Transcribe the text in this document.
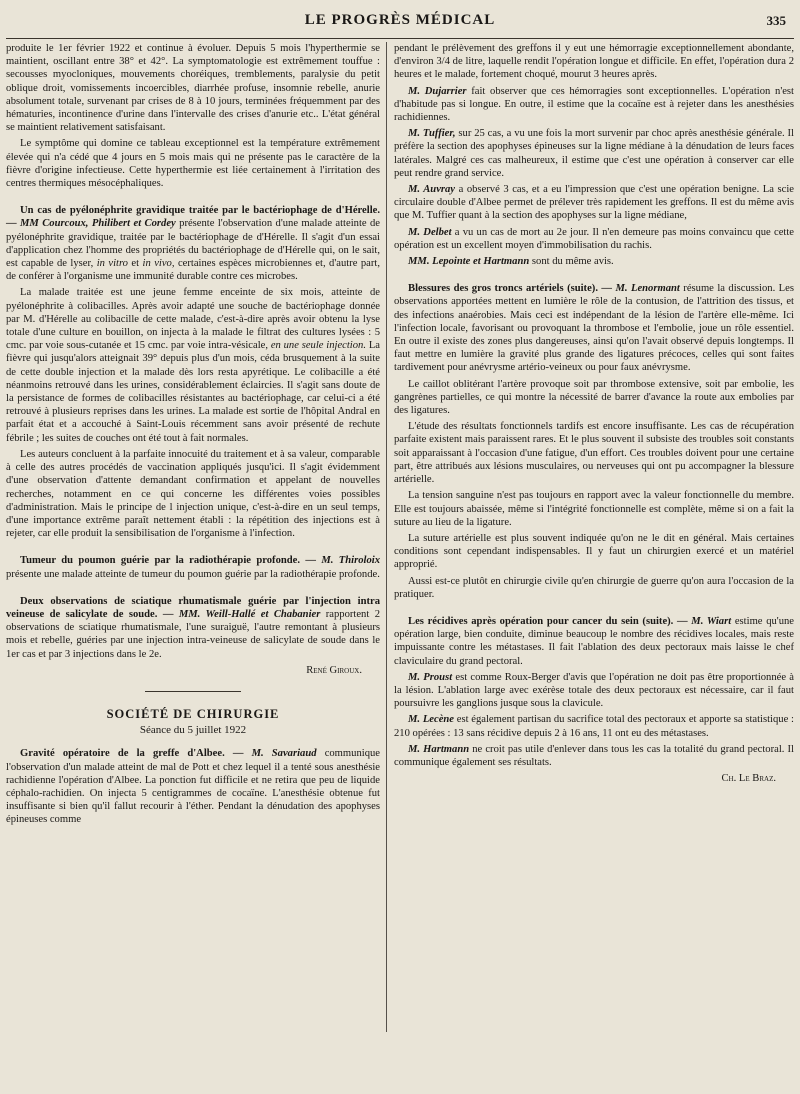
LE PROGRÈS MÉDICAL	335

produite le 1er février 1922 et continue à évoluer. Depuis 5 mois l'hyperthermie se maintient, oscillant entre 38° et 42°. La symptomatologie est extrêmement touffue : secousses myocloniques, mouvements choréiques, tremblements, paralysie du petit oblique droit, vomissements incoercibles, diarrhée profuse, insomnie rebelle, anurie absolument totale, survenant par crises de 8 à 10 jours, terminées fréquemment par des hématuries, incontinence d'urine dans l'intervalle des crises d'anurie etc.. L'état général se maintient relativement satisfaisant.

Le symptôme qui domine ce tableau exceptionnel est la température extrêmement élevée qui n'a cédé que 4 jours en 5 mois mais qui ne présente pas le caractère de la fièvre d'origine infectieuse. Cette hyperthermie est liée certainement à l'irritation des centres thermiques mésocéphaliques.

Un cas de pyélonéphrite gravidique traitée par le bactériophage de d'Hérelle. — MM Courcoux, Philibert et Cordey présente l'observation d'une malade atteinte de pyélonéphrite gravidique, traitée par le bactériophage de d'Hérelle. Il s'agit d'un essai d'application chez l'homme des propriétés du bactériophage de d'Hérelle qui, on le sait, est capable de lyser, in vitro et in vivo, certaines espèces microbiennes et, d'autre part, de conférer à l'organisme une immunité durable contre ces microbes.

La malade traitée est une jeune femme enceinte de six mois, atteinte de pyélonéphrite à colibacilles. Après avoir adapté une souche de bactériophage donnée par M. d'Hérelle au colibacille de cette malade, c'est-à-dire après avoir obtenu la lyse totale d'une culture en bouillon, on injecta à la malade le filtrat des cultures lysées : 5 cmc. par voie sous-cutanée et 15 cmc. par voie intra-vésicale, en une seule injection. La fièvre qui jusqu'alors atteignait 39° depuis plus d'un mois, céda brusquement à la suite de cette double injection et la malade dès lors resta apyrétique. Le colibacille a été néanmoins retrouvé dans les urines, considérablement éclaircies. Il s'agit sans doute de la persistance de formes de colibacilles résistantes au bactériophage, car celui-ci a été retrouvé à plusieurs reprises dans les urines. La malade est sortie de l'hôpital Andral en parfait état et a accouché à Saint-Louis récemment sans avoir présenté de rechute fébrile ; les suites de couches ont été tout à fait normales.

Les auteurs concluent à la parfaite innocuité du traitement et à sa valeur, comparable à celle des autres procédés de vaccination appliqués jusqu'ici. Il s'agit évidemment d'une observation d'attente demandant confirmation et appelant de nouvelles recherches, notamment en ce qui concerne les différentes voies possibles d'administration. Mais le principe de l injection unique, c'est-à-dire en un seul temps, d'une importance extrême paraît nettement établi : la répétition des injections est à rejeter, car elle produit la sensibilisation de l'organisme à l'infection.

Tumeur du poumon guérie par la radiothérapie profonde. — M. Thiroloix présente une malade atteinte de tumeur du poumon guérie par la radiothérapie profonde.

Deux observations de sciatique rhumatismale guérie par l'injection intra veineuse de salicylate de soude. — MM. Weill-Hallé et Chabanier rapportent 2 observations de sciatique rhumatismale, l'une suraiguë, l'autre remontant à plusieurs mois et rebelle, guéries par une injection intra-veineuse de salicylate de soude dans le 1er cas et par 3 injections dans le 2e.

René Giroux.
SOCIÉTÉ DE CHIRURGIE
Séance du 5 juillet 1922

Gravité opératoire de la greffe d'Albee. — M. Savariaud communique l'observation d'un malade atteint de mal de Pott et chez lequel il a tenté sous anesthésie rachidienne l'opération d'Albee. La ponction fut difficile et ne retira que peu de liquide céphalo-rachidien. On injecta 5 centigrammes de cocaïne. L'anesthésie obtenue fut insuffisante si bien qu'il fallut recourir à l'éther. Pendant la dénudation des apophyses épineuses comme

pendant le prélèvement des greffons il y eut une hémorragie exceptionnellement abondante, d'environ 3/4 de litre, laquelle rendit l'opération longue et difficile. En effet, l'opération dura 2 heures et le malade, fortement choqué, mourut 3 heures après.

M. Dujarrier fait observer que ces hémorragies sont exceptionnelles. L'opération n'est d'habitude pas si longue. En outre, il estime que la cocaïne est à rejeter dans les anesthésies rachidiennes.

M. Tuffier, sur 25 cas, a vu une fois la mort survenir par choc après anesthésie générale. Il préfère la section des apophyses épineuses sur la ligne médiane à la dénudation de leurs faces latérales. Malgré ces cas malheureux, il estime que c'est une opération à conserver car elle peut rendre grand service.

M. Auvray a observé 3 cas, et a eu l'impression que c'est une opération benigne. La scie circulaire double d'Albee permet de prélever très rapidement les greffons. Il est du même avis que M. Tuffier quant à la section des apophyses sur la ligne médiane,

M. Delbet a vu un cas de mort au 2e jour. Il n'en demeure pas moins convaincu que cette opération est un excellent moyen d'immobilisation du rachis.

MM. Lepointe et Hartmann sont du même avis.

Blessures des gros troncs artériels (suite). — M. Lenormant résume la discussion. Les observations apportées mettent en lumière le rôle de la contusion, de l'attrition des tissus, et des infections anaérobies. Mais ceci est indépendant de la lésion de l'artère elle-même. Ici l'infection locale, favorisant ou provoquant la thrombose et l'embolie, joue un rôle essentiel. En outre il existe des zones plus dangereuses, ainsi qu'on l'avait observé depuis longtemps. Il faut mettre en lumière la gravité plus grande des ligatures précoces, celles qui sont faites tardivement pour anévrysme artério-veineux ou pour faux anévrysme.

Le caillot oblitérant l'artère provoque soit par thrombose extensive, soit par embolie, les gangrènes partielles, ce qui montre la nécessité de barrer d'avance la route aux embolies par des ligatures.

L'étude des résultats fonctionnels tardifs est encore insuffisante. Les cas de récupération parfaite existent mais paraissent rares. Et le plus souvent il subsiste des troubles soit constants soit apparaissant à l'occasion d'une fatigue, d'un effort. Ces troubles doivent pour une certaine part, être attribués aux lésions musculaires, ou nerveuses qui ont pu accompagner la blessure artérielle.

La tension sanguine n'est pas toujours en rapport avec la valeur fonctionnelle du membre. Elle est toujours abaissée, même si l'intégrité fonctionnelle est complète, même si on a fait la suture au lieu de la ligature.

La suture artérielle est plus souvent indiquée qu'on ne le dit en général. Mais certaines conditions sont cependant indispensables. Il y faut un chirurgien exercé et un matériel approprié.

Aussi est-ce plutôt en chirurgie civile qu'en chirurgie de guerre qu'on aura l'occasion de la pratiquer.

Les récidives après opération pour cancer du sein (suite). — M. Wiart estime qu'une opération large, bien conduite, diminue beaucoup le nombre des récidives locales, mais reste impuissante contre les métastases. Il fait l'ablation des deux pectoraux mais laisse le chef claviculaire du grand pectoral.

M. Proust est comme Roux-Berger d'avis que l'opération ne doit pas être proportionnée à la lésion. L'ablation large avec exérèse totale des deux pectoraux est nécessaire, car il faut poursuivre les ganglions jusque sous la clavicule.

M. Lecène est également partisan du sacrifice total des pectoraux et apporte sa statistique : 210 opérées : 13 sans récidive depuis 2 à 16 ans, 11 ont eu des métastases.

M. Hartmann ne croit pas utile d'enlever dans tous les cas la totalité du grand pectoral. Il communique également ses résultats.

Ch. Le Braz.
